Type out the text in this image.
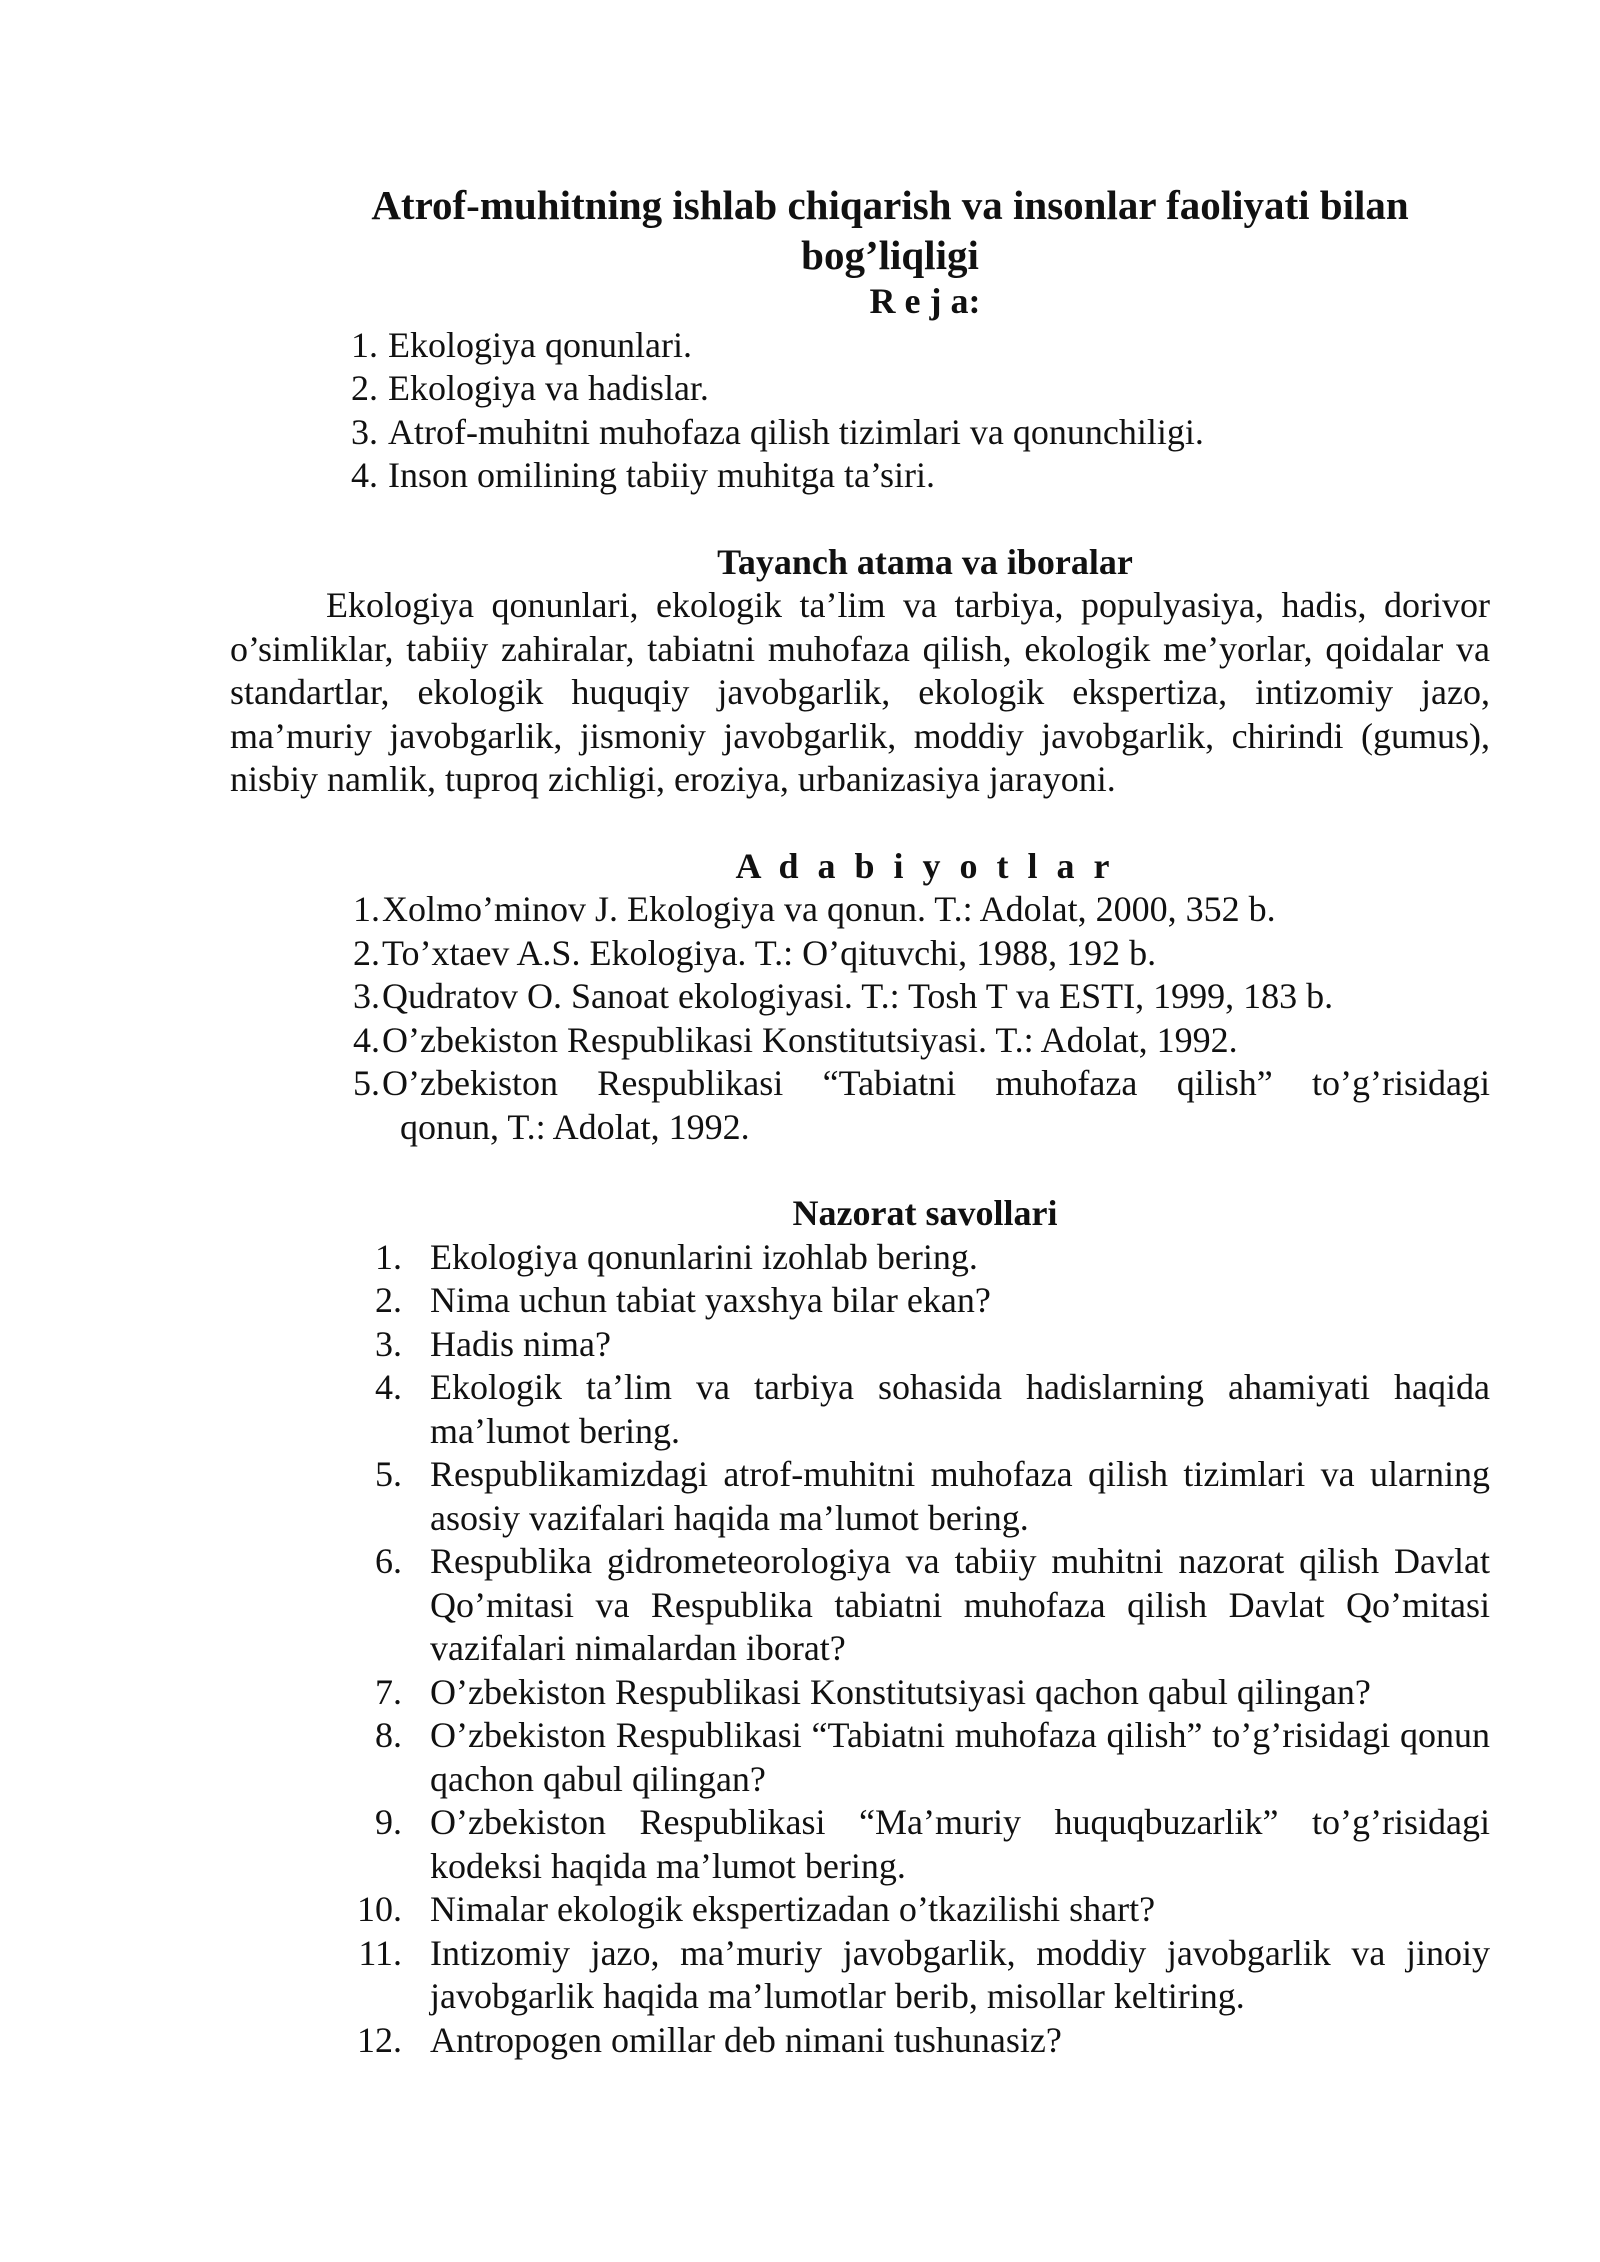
Atrof-muhitning ishlab chiqarish va insonlar faoliyati bilan bog’liqligi
R e j a:
1. Ekologiya qonunlari.
2. Ekologiya va hadislar.
3. Atrof-muhitni muhofaza qilish tizimlari va qonunchiligi.
4. Inson omilining tabiiy muhitga ta’siri.
Tayanch atama va iboralar

Ekologiya qonunlari, ekologik ta’lim va tarbiya, populyasiya, hadis, dorivor o’simliklar, tabiiy zahiralar, tabiatni muhofaza qilish, ekologik me’yorlar, qoidalar va standartlar, ekologik huquqiy javobgarlik, ekologik ekspertiza, intizomiy jazo, ma’muriy javobgarlik, jismoniy javobgarlik, moddiy javobgarlik, chirindi (gumus), nisbiy namlik, tuproq zichligi, eroziya, urbanizasiya jarayoni.

A d a b i y o t l a r
1. Xolmo’minov J. Ekologiya va qonun. T.: Adolat, 2000, 352 b.
2. To’xtaev A.S. Ekologiya. T.: O’qituvchi, 1988, 192 b.
3. Qudratov O. Sanoat ekologiyasi. T.: Tosh T va ESTI, 1999, 183 b.
4. O’zbekiston Respublikasi Konstitutsiyasi. T.: Adolat, 1992.
5. O’zbekiston Respublikasi “Tabiatni muhofaza qilish” to’g’risidagi
qonun, T.: Adolat, 1992.
Nazorat savollari
1. Ekologiya qonunlarini izohlab bering.
2. Nima uchun tabiat yaxshya bilar ekan?
3. Hadis nima?
4. Ekologik ta’lim va tarbiya sohasida hadislarning ahamiyati haqida ma’lumot bering.
5. Respublikamizdagi atrof-muhitni muhofaza qilish tizimlari va ularning asosiy vazifalari haqida ma’lumot bering.
6. Respublika gidrometeorologiya va tabiiy muhitni nazorat qilish Davlat Qo’mitasi va Respublika tabiatni muhofaza qilish Davlat Qo’mitasi vazifalari nimalardan iborat?
7. O’zbekiston Respublikasi Konstitutsiyasi qachon qabul qilingan?
8. O’zbekiston Respublikasi “Tabiatni muhofaza qilish” to’g’risidagi qonun qachon qabul qilingan?
9. O’zbekiston Respublikasi “Ma’muriy huquqbuzarlik” to’g’risidagi kodeksi haqida ma’lumot bering.
10. Nimalar ekologik ekspertizadan o’tkazilishi shart?
11. Intizomiy jazo, ma’muriy javobgarlik, moddiy javobgarlik va jinoiy javobgarlik haqida ma’lumotlar berib, misollar keltiring.
12. Antropogen omillar deb nimani tushunasiz?
